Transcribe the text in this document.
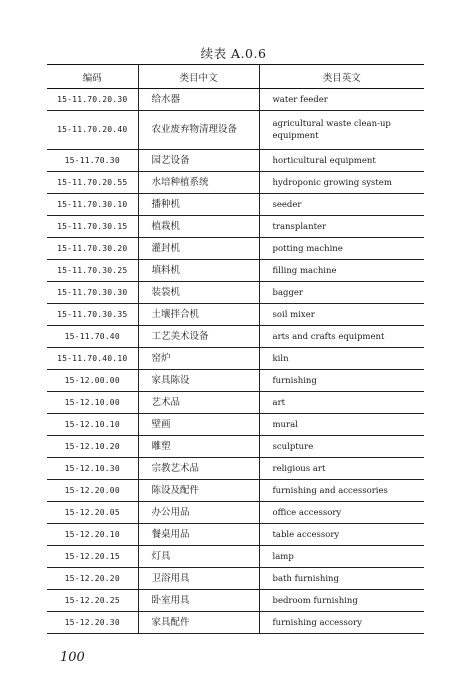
续表 A.0.6
编码	类目中文	类目英文
15-11.70.20.30	给水器	water feeder
15-11.70.20.40	农业废弃物清理设备	agricultural waste clean-up equipment
15-11.70.30	园艺设备	horticultural equipment
15-11.70.20.55	水培种植系统	hydroponic growing system
15-11.70.30.10	播种机	seeder
15-11.70.30.15	植栽机	transplanter
15-11.70.30.20	灌封机	potting machine
15-11.70.30.25	填料机	filling machine
15-11.70.30.30	装袋机	bagger
15-11.70.30.35	土壤拌合机	soil mixer
15-11.70.40	工艺美术设备	arts and crafts equipment
15-11.70.40.10	窑炉	kiln
15-12.00.00	家具陈设	furnishing
15-12.10.00	艺术品	art
15-12.10.10	壁画	mural
15-12.10.20	雕塑	sculpture
15-12.10.30	宗教艺术品	religious art
15-12.20.00	陈设及配件	furnishing and accessories
15-12.20.05	办公用品	office accessory
15-12.20.10	餐桌用品	table accessory
15-12.20.15	灯具	lamp
15-12.20.20	卫浴用具	bath furnishing
15-12.20.25	卧室用具	bedroom furnishing
15-12.20.30	家具配件	furnishing accessory
100
